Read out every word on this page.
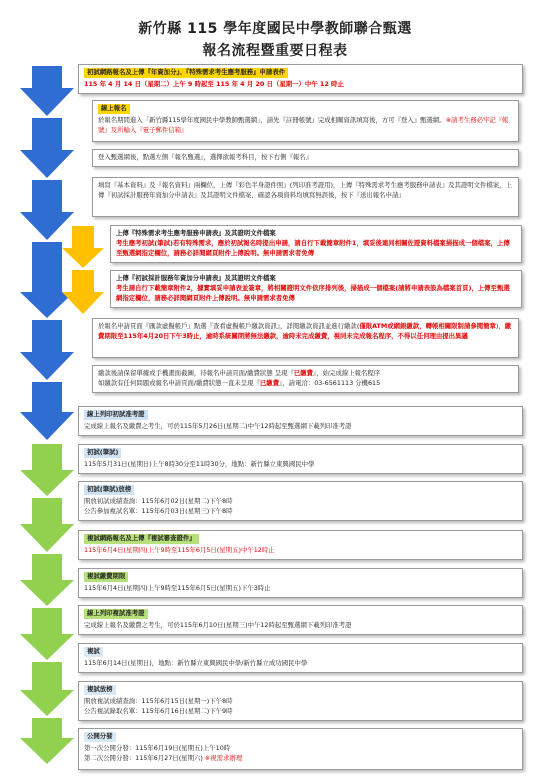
新竹縣 115 學年度國民中學教師聯合甄選
報名流程暨重要日程表
初試網路報名及上傳『年資加分』、『特殊需求考生應考服務』申請表件
115 年 4 月 14 日（星期二）上午 9 時起至 115 年 4 月 20 日（星期一）中午 12 時止
線上報名
於報名期間進入「新竹縣115學年度國民中學教師甄選網」，請先『註冊帳號』完成相關資訊填寫後，方可『登入』甄選網。※請考生務必牢記『帳號』及所輸入『電子郵件信箱』
登入甄選網後，點選左側『報名甄選』，選擇欲報考科目，按下右側『報名』
填寫『基本資料』及『報名資料』兩欄位，上傳『彩色半身證件照』(列印准考證用)，上傳『特殊需求考生應考服務申請表』及其證明文件檔案，上傳『初試採計服務年資加分申請表』及其證明文件檔案，確認各項資料均填寫無誤後，按下『送出報名申請』
上傳『特殊需求考生應考服務申請表』及其證明文件檔案
考生應考初試(筆試)若有特殊需求，應於初試報名時提出申請，請自行下載簡章附件1，填妥後連同相關佐證資料檔案掃描成一個檔案，上傳至甄選網指定欄位，請務必詳閱網頁附件上傳說明。無申請需求者免傳
上傳『初試採計服務年資加分申請表』及其證明文件檔案
考生請自行下載簡章附件2，據實填妥申請表並簽章，將相關證明文件依序排列後，掃描成一個檔案(請將申請表設為檔案首頁)，上傳至甄選網指定欄位，請務必詳閱網頁附件上傳說明。無申請需求者免傳
於報名申請頁面『匯款虛擬帳戶』點選『查看虛擬帳戶繳款資訊』，詳閱繳款資訊並進行繳款(僅限ATM或網銀繳款，轉帳相關限制請參閱簡章)，繳費期限至115年4月20日下午3時止，逾時系統關閉將無法繳款，逾時未完成繳費，視同未完成報名程序，不得以任何理由提出異議
繳款後請保留單據或手機畫面截圖，待報名申請頁面/繳費狀態 呈現『已繳費』，始完成線上報名程序
如繳款有任何問題或報名申請頁面/繳費狀態一直未呈現『已繳費』，請電洽：03-6561113 分機615
線上列印初試准考證
完成線上報名及繳費之考生，可於115年5月26日(星期二)中午12時起至甄選網下載列印准考證
初試(筆試)
115年5月31日(星期日)上午8時30分至11時30分，地點：新竹縣立東興國民中學
初試(筆試)放榜
開放初試成績查詢：115年6月02日(星期二)下午8時
公告參加複試名單：115年6月03日(星期三)下午8時
複試網路報名及上傳『複試審查證件』
115年6月4日(星期四)上午9時至115年6月5日(星期五)中午12時止
複試繳費期限
115年6月4日(星期四)上午9時至115年6月5日(星期五)下午3時止
線上列印複試准考證
完成線上報名及繳費之考生，可於115年6月10日(星期三)中午12時起至甄選網下載列印准考證
複試
115年6月14日(星期日)，地點：新竹縣立東興國民中學/新竹縣立成功國民中學
複試放榜
開放複試成績查詢：115年6月15日(星期一)下午8時
公告複試錄取名單：115年6月16日(星期二)下午9時
公開分發
第一次公開分發：115年6月19日(星期五)上午10時
第二次公開分發：115年6月27日(星期六) ※視需求辦理
